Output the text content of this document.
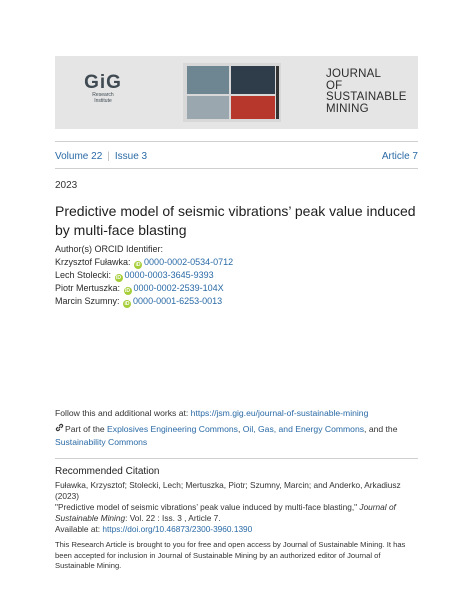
GiG
Research
Institute
JOURNAL
OF
SUSTAINABLE
MINING
Volume 22 | Issue 3	Article 7
2023
Predictive model of seismic vibrations’ peak value induced by multi-face blasting
Author(s) ORCID Identifier:
Krzysztof Fuławka: iD 0000-0002-0534-0712
Lech Stolecki: iD 0000-0003-3645-9393
Piotr Mertuszka: iD 0000-0002-2539-104X
Marcin Szumny: iD 0000-0001-6253-0013
Follow this and additional works at: https://jsm.gig.eu/journal-of-sustainable-mining
Part of the Explosives Engineering Commons, Oil, Gas, and Energy Commons, and the Sustainability Commons
Recommended Citation
Fuławka, Krzysztof; Stolecki, Lech; Mertuszka, Piotr; Szumny, Marcin; and Anderko, Arkadiusz (2023)
"Predictive model of seismic vibrations’ peak value induced by multi-face blasting," Journal of Sustainable Mining: Vol. 22 : Iss. 3 , Article 7.
Available at: https://doi.org/10.46873/2300-3960.1390
This Research Article is brought to you for free and open access by Journal of Sustainable Mining. It has been accepted for inclusion in Journal of Sustainable Mining by an authorized editor of Journal of Sustainable Mining.
